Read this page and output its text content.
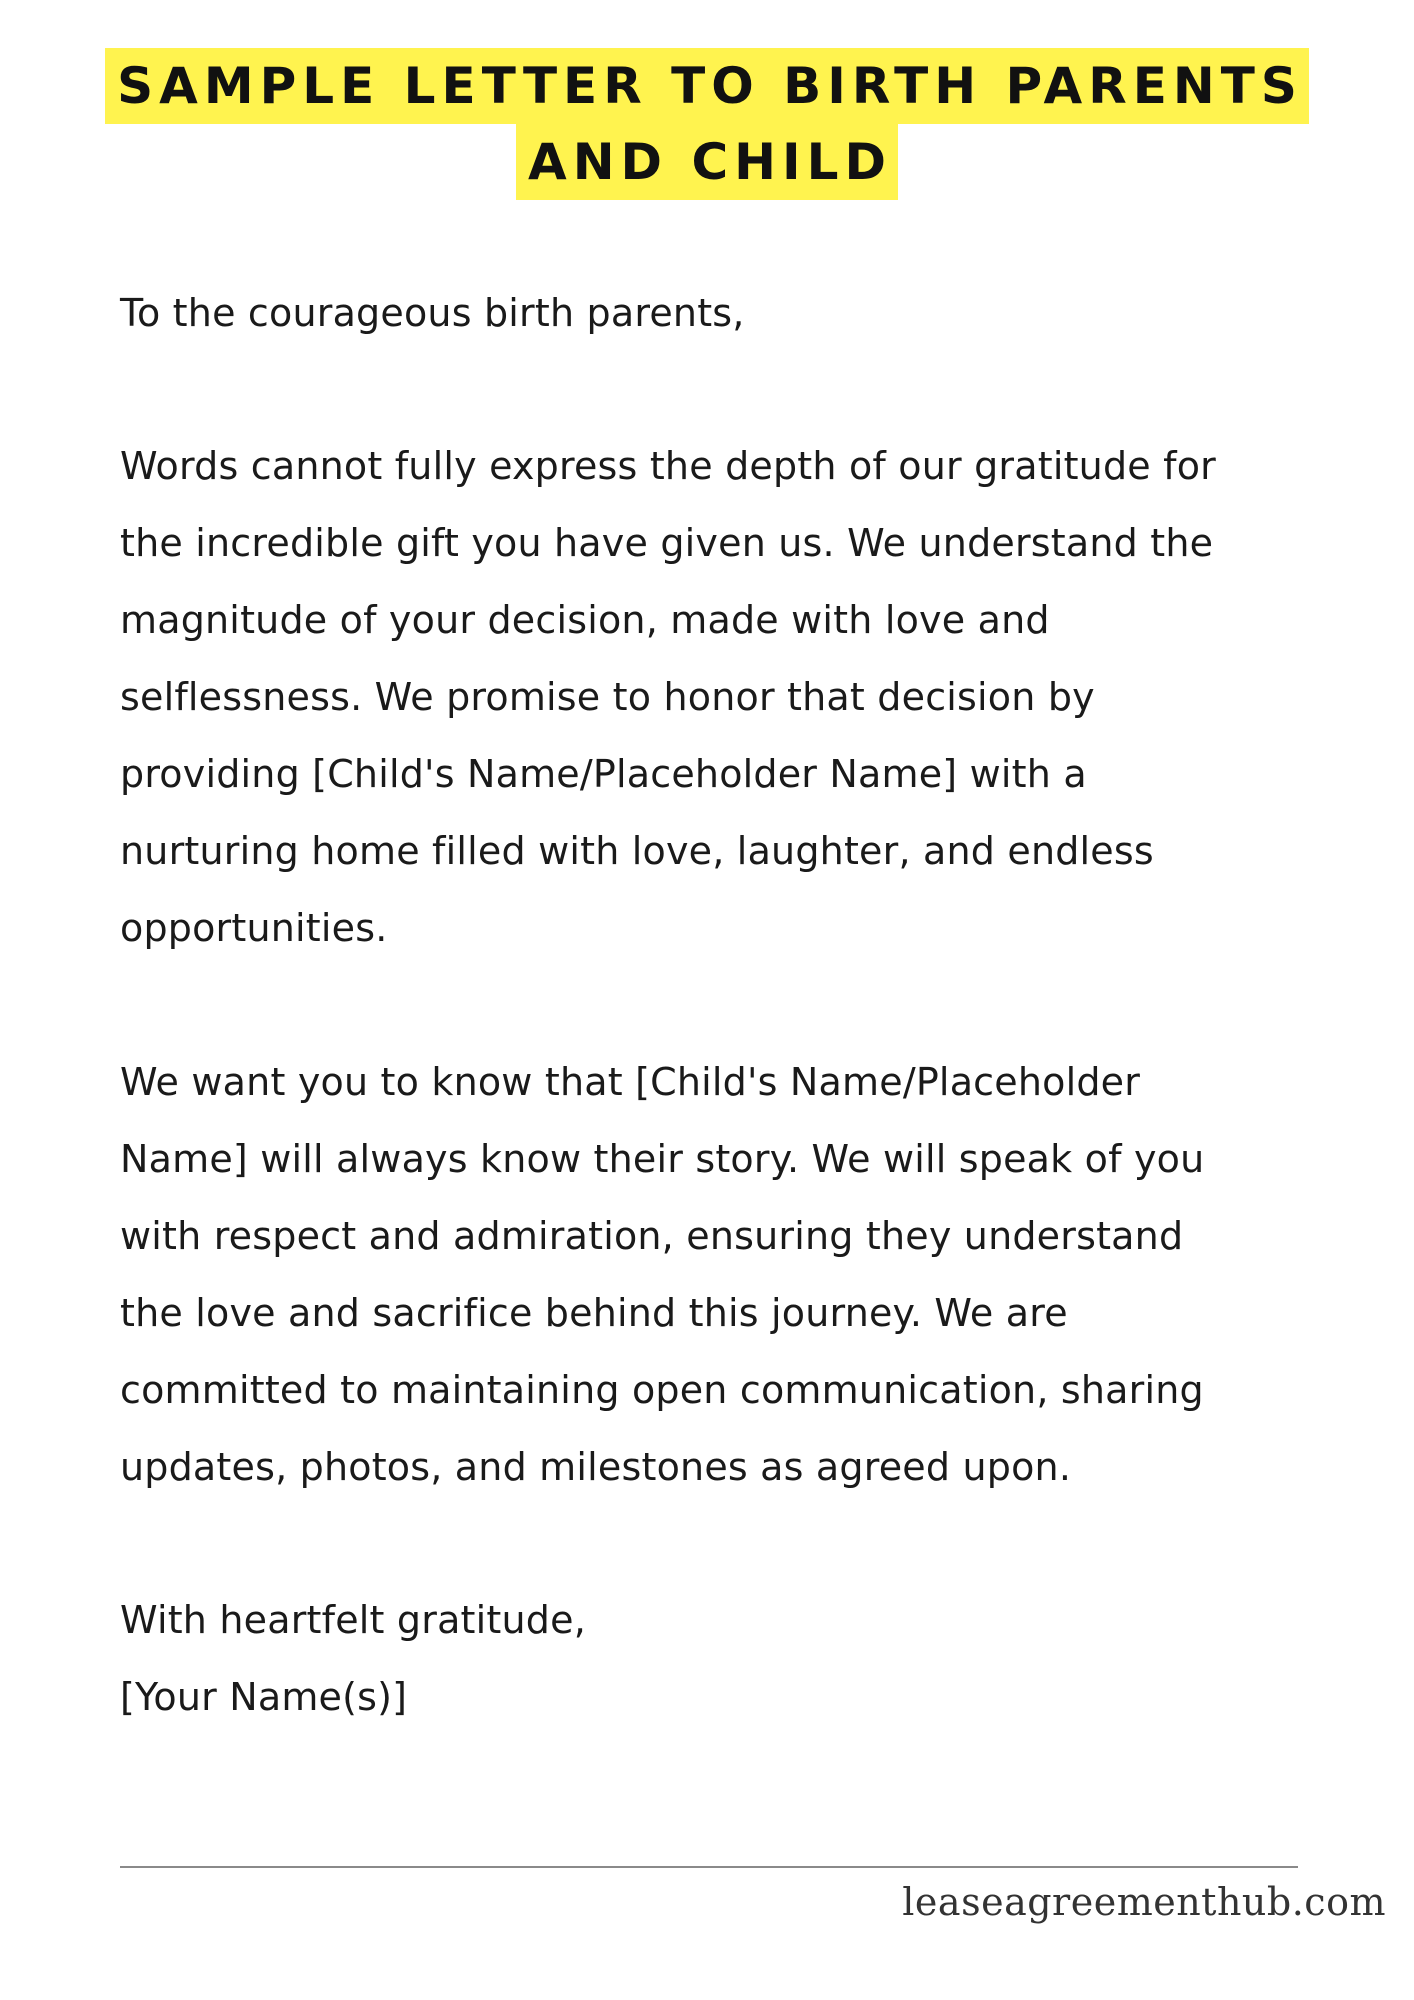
SAMPLE LETTER TO BIRTH PARENTS
AND CHILD

To the courageous birth parents,

Words cannot fully express the depth of our gratitude for
the incredible gift you have given us. We understand the
magnitude of your decision, made with love and
selflessness. We promise to honor that decision by
providing [Child's Name/Placeholder Name] with a
nurturing home filled with love, laughter, and endless
opportunities.
We want you to know that [Child's Name/Placeholder
Name] will always know their story. We will speak of you
with respect and admiration, ensuring they understand
the love and sacrifice behind this journey. We are
committed to maintaining open communication, sharing
updates, photos, and milestones as agreed upon.

With heartfelt gratitude,

[Your Name(s)]

leaseagreementhub.com
